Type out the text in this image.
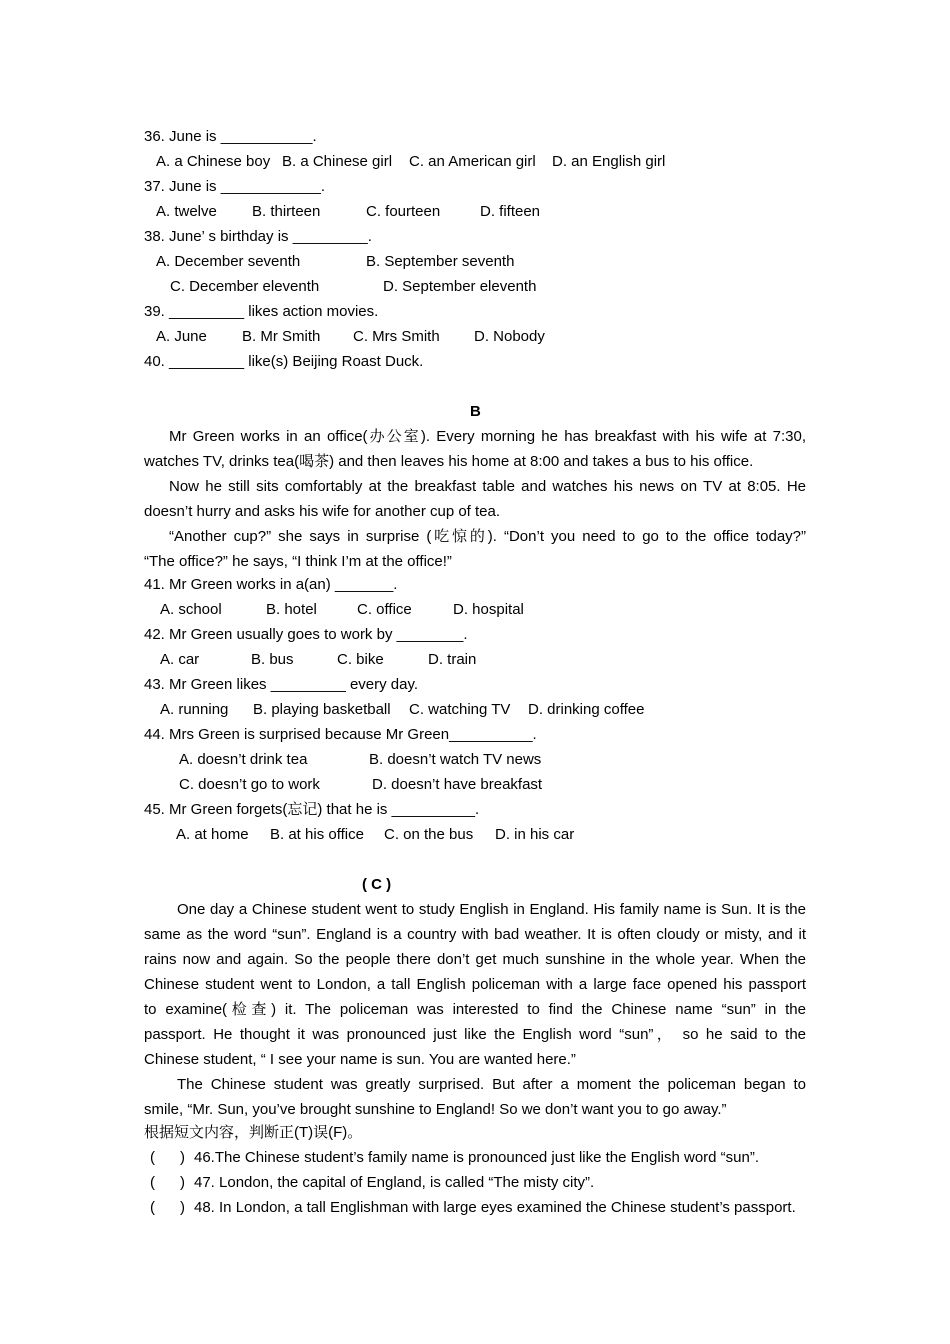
36. June is ___________.
A. a Chinese boy B. a Chinese girl C. an American girl D. an English girl
37. June is ____________.
A. twelve B. thirteen	C. fourteen	D. fifteen
38. June’ s birthday is _________.
A. December seventh	B. September seventh
C. December eleventh	D. September eleventh
39. _________ likes action movies.
A. June B. Mr Smith C. Mrs Smith D. Nobody
40. _________ like(s) Beijing Roast Duck.
B
Mr Green works in an office(办公室). Every morning he has breakfast with his wife at 7:30,
watches TV, drinks tea(喝茶) and then leaves his home at 8:00 and takes a bus to his office.
Now he still sits comfortably at the breakfast table and watches his news on TV at 8:05. He
doesn’t hurry and asks his wife for another cup of tea.
“Another cup?” she says in surprise (吃惊的). “Don’t you need to go to the office today?”
“The office?” he says, “I think I’m at the office!”
41. Mr Green works in a(an) _______.
A. school	B. hotel	C. office	D. hospital
42. Mr Green usually goes to work by ________.
A. car	B. bus	C. bike	D. train
43. Mr Green likes _________ every day.
A. running B. playing basketball C. watching TV D. drinking coffee
44. Mrs Green is surprised because Mr Green__________.
A. doesn’t drink tea	B. doesn’t watch TV news
C. doesn’t go to work	D. doesn’t have breakfast
45. Mr Green forgets(忘记) that he is __________.
A. at home B. at his office C. on the bus D. in his car
( C )
One day a Chinese student went to study English in England. His family name is Sun. It is the
same as the word “sun”. England is a country with bad weather. It is often cloudy or misty, and it
rains now and again. So the people there don’t get much sunshine in the whole year. When the
Chinese student went to London, a tall English policeman with a large face opened his passport
to examine(检查) it. The policeman was interested to find the Chinese name “sun” in the
passport. He thought it was pronounced just like the English word “sun”， so he said to the
Chinese student, “ I see your name is sun. You are wanted here.”
The Chinese student was greatly surprised. But after a moment the policeman began to
smile, “Mr. Sun, you’ve brought sunshine to England! So we don’t want you to go away.”
根据短文内容，判断正(T)误(F)。
(      ) 46.The Chinese student’s family name is pronounced just like the English word “sun”.
(      ) 47. London, the capital of England, is called “The misty city”.
(      ) 48. In London, a tall Englishman with large eyes examined the Chinese student’s passport.
